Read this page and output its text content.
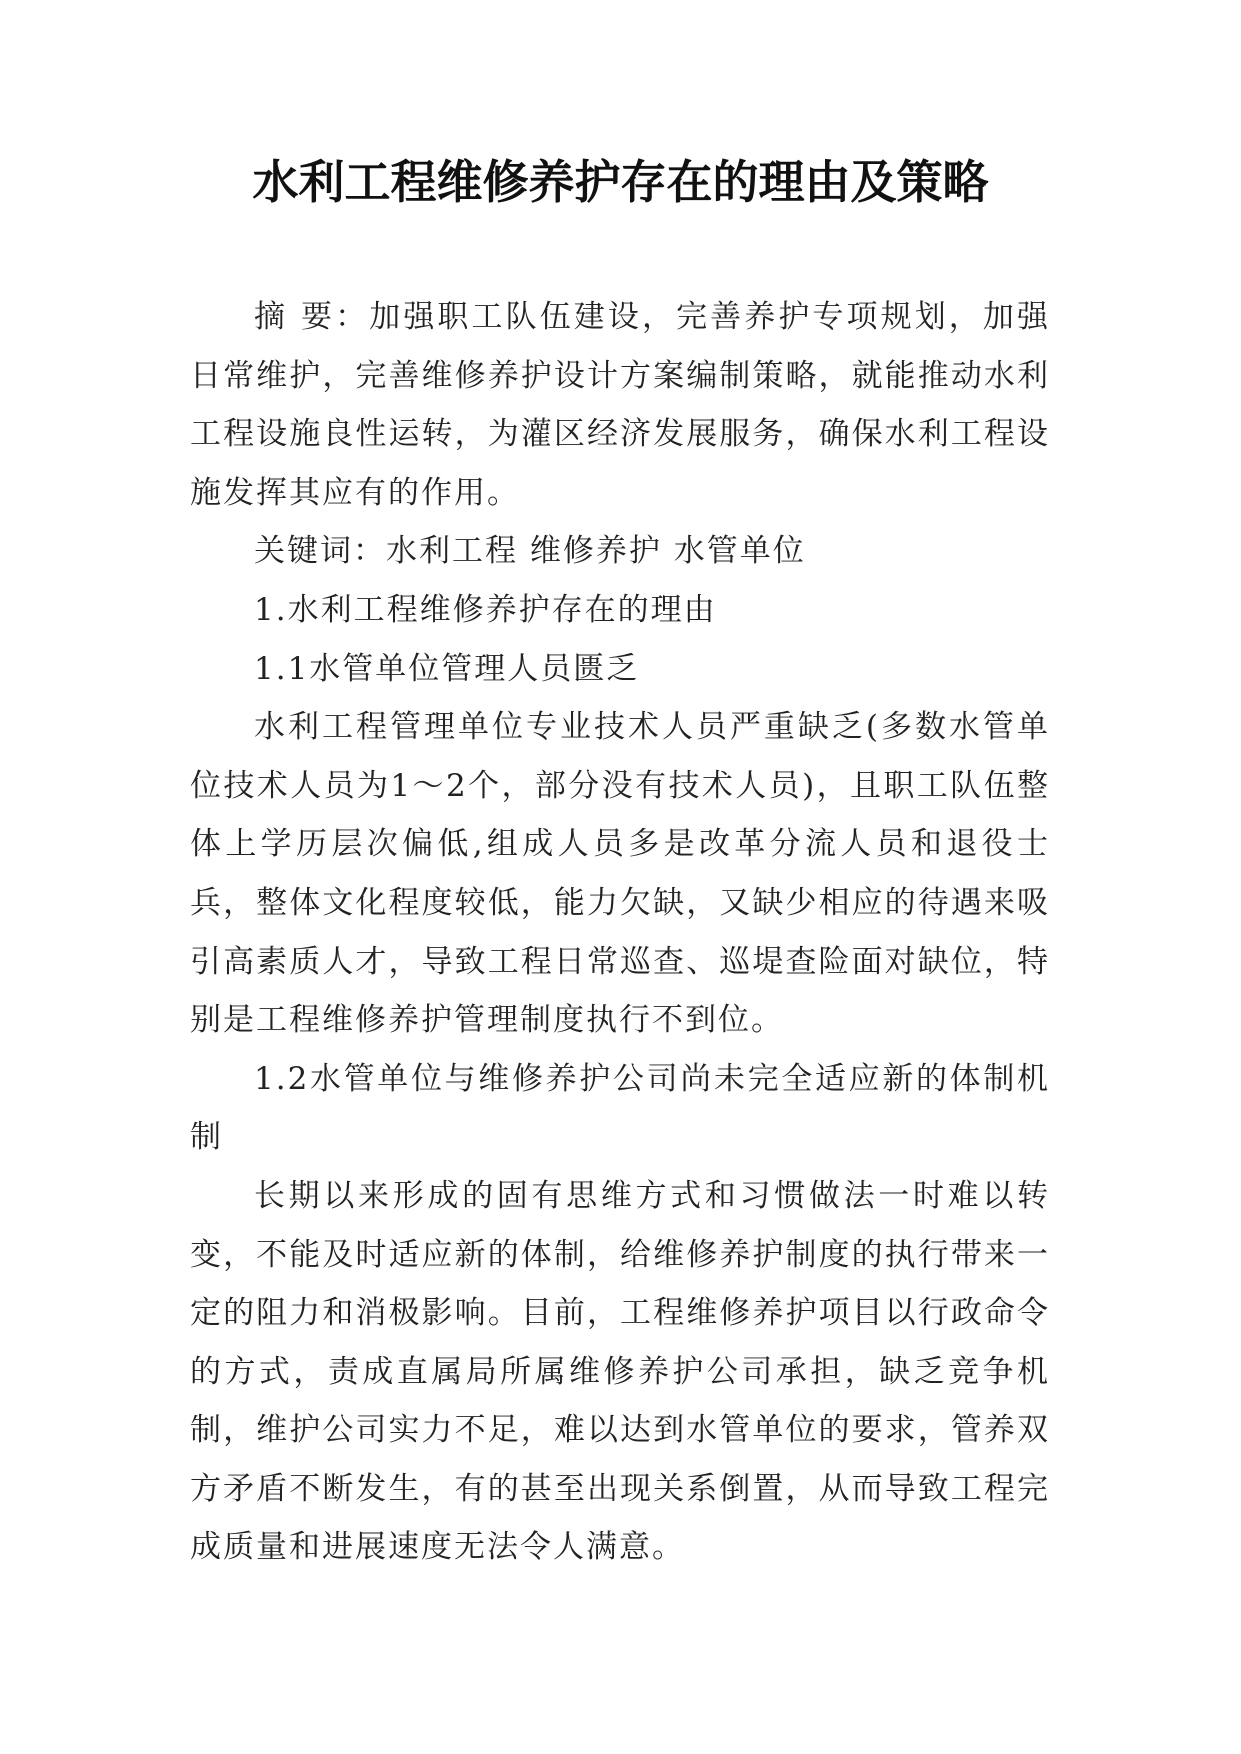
水利工程维修养护存在的理由及策略

摘 要：加强职工队伍建设，完善养护专项规划，加强日常维护，完善维修养护设计方案编制策略，就能推动水利工程设施良性运转，为灌区经济发展服务，确保水利工程设施发挥其应有的作用。

关键词：水利工程 维修养护 水管单位

1.水利工程维修养护存在的理由

1.1水管单位管理人员匮乏

水利工程管理单位专业技术人员严重缺乏(多数水管单位技术人员为1～2个，部分没有技术人员)，且职工队伍整体上学历层次偏低,组成人员多是改革分流人员和退役士兵，整体文化程度较低，能力欠缺，又缺少相应的待遇来吸引高素质人才，导致工程日常巡查、巡堤查险面对缺位，特别是工程维修养护管理制度执行不到位。

1.2水管单位与维修养护公司尚未完全适应新的体制机制

长期以来形成的固有思维方式和习惯做法一时难以转变，不能及时适应新的体制，给维修养护制度的执行带来一定的阻力和消极影响。目前，工程维修养护项目以行政命令的方式，责成直属局所属维修养护公司承担，缺乏竞争机制，维护公司实力不足，难以达到水管单位的要求，管养双方矛盾不断发生，有的甚至出现关系倒置，从而导致工程完成质量和进展速度无法令人满意。
